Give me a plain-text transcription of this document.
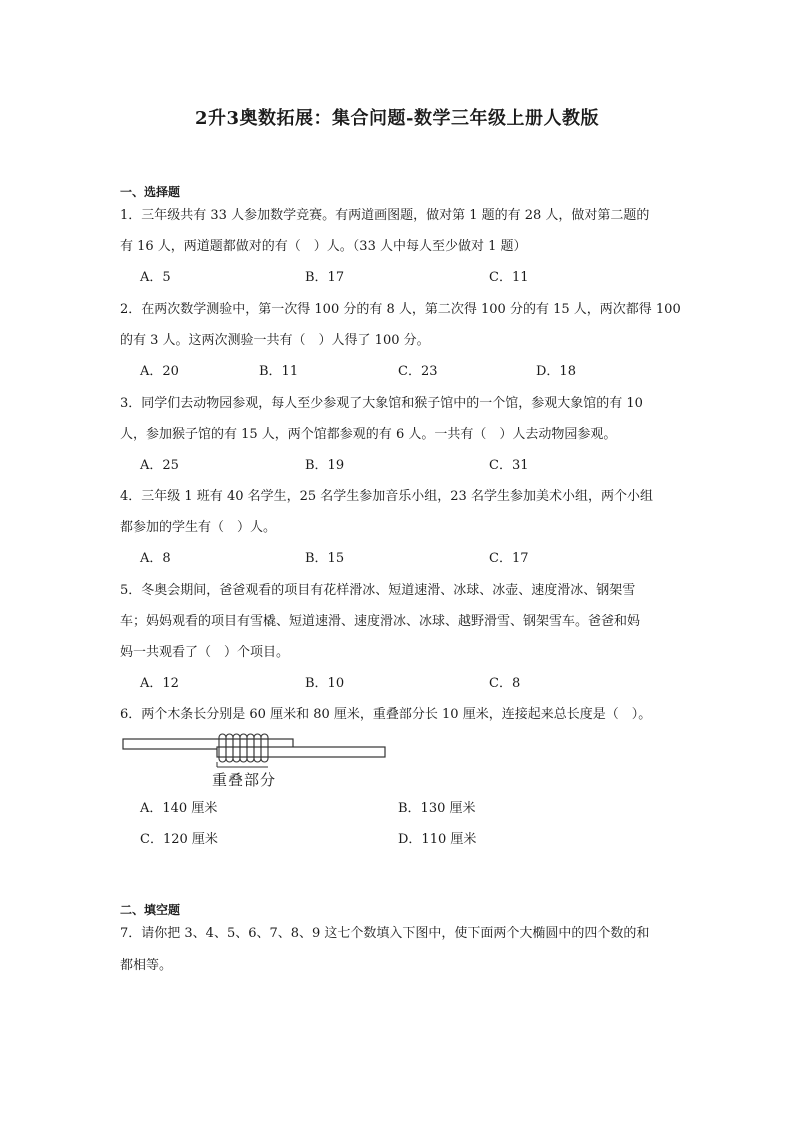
2升3奥数拓展：集合问题-数学三年级上册人教版
一、选择题
1．三年级共有 33 人参加数学竞赛。有两道画图题，做对第 1 题的有 28 人，做对第二题的
有 16 人，两道题都做对的有（　）人。（33 人中每人至少做对 1 题）
A．5	B．17	C．11
2．在两次数学测验中，第一次得 100 分的有 8 人，第二次得 100 分的有 15 人，两次都得 100
的有 3 人。这两次测验一共有（　）人得了 100 分。
A．20	B．11	C．23	D．18
3．同学们去动物园参观，每人至少参观了大象馆和猴子馆中的一个馆，参观大象馆的有 10
人，参加猴子馆的有 15 人，两个馆都参观的有 6 人。一共有（　）人去动物园参观。
A．25	B．19	C．31
4．三年级 1 班有 40 名学生，25 名学生参加音乐小组，23 名学生参加美术小组，两个小组
都参加的学生有（　）人。
A．8	B．15	C．17
5．冬奥会期间，爸爸观看的项目有花样滑冰、短道速滑、冰球、冰壶、速度滑冰、钢架雪
车；妈妈观看的项目有雪橇、短道速滑、速度滑冰、冰球、越野滑雪、钢架雪车。爸爸和妈
妈一共观看了（　）个项目。
A．12	B．10	C．8
6．两个木条长分别是 60 厘米和 80 厘米，重叠部分长 10 厘米，连接起来总长度是（　）。
重叠部分
A．140 厘米	B．130 厘米
C．120 厘米	D．110 厘米
二、填空题
7．请你把 3、4、5、6、7、8、9 这七个数填入下图中，使下面两个大椭圆中的四个数的和
都相等。
